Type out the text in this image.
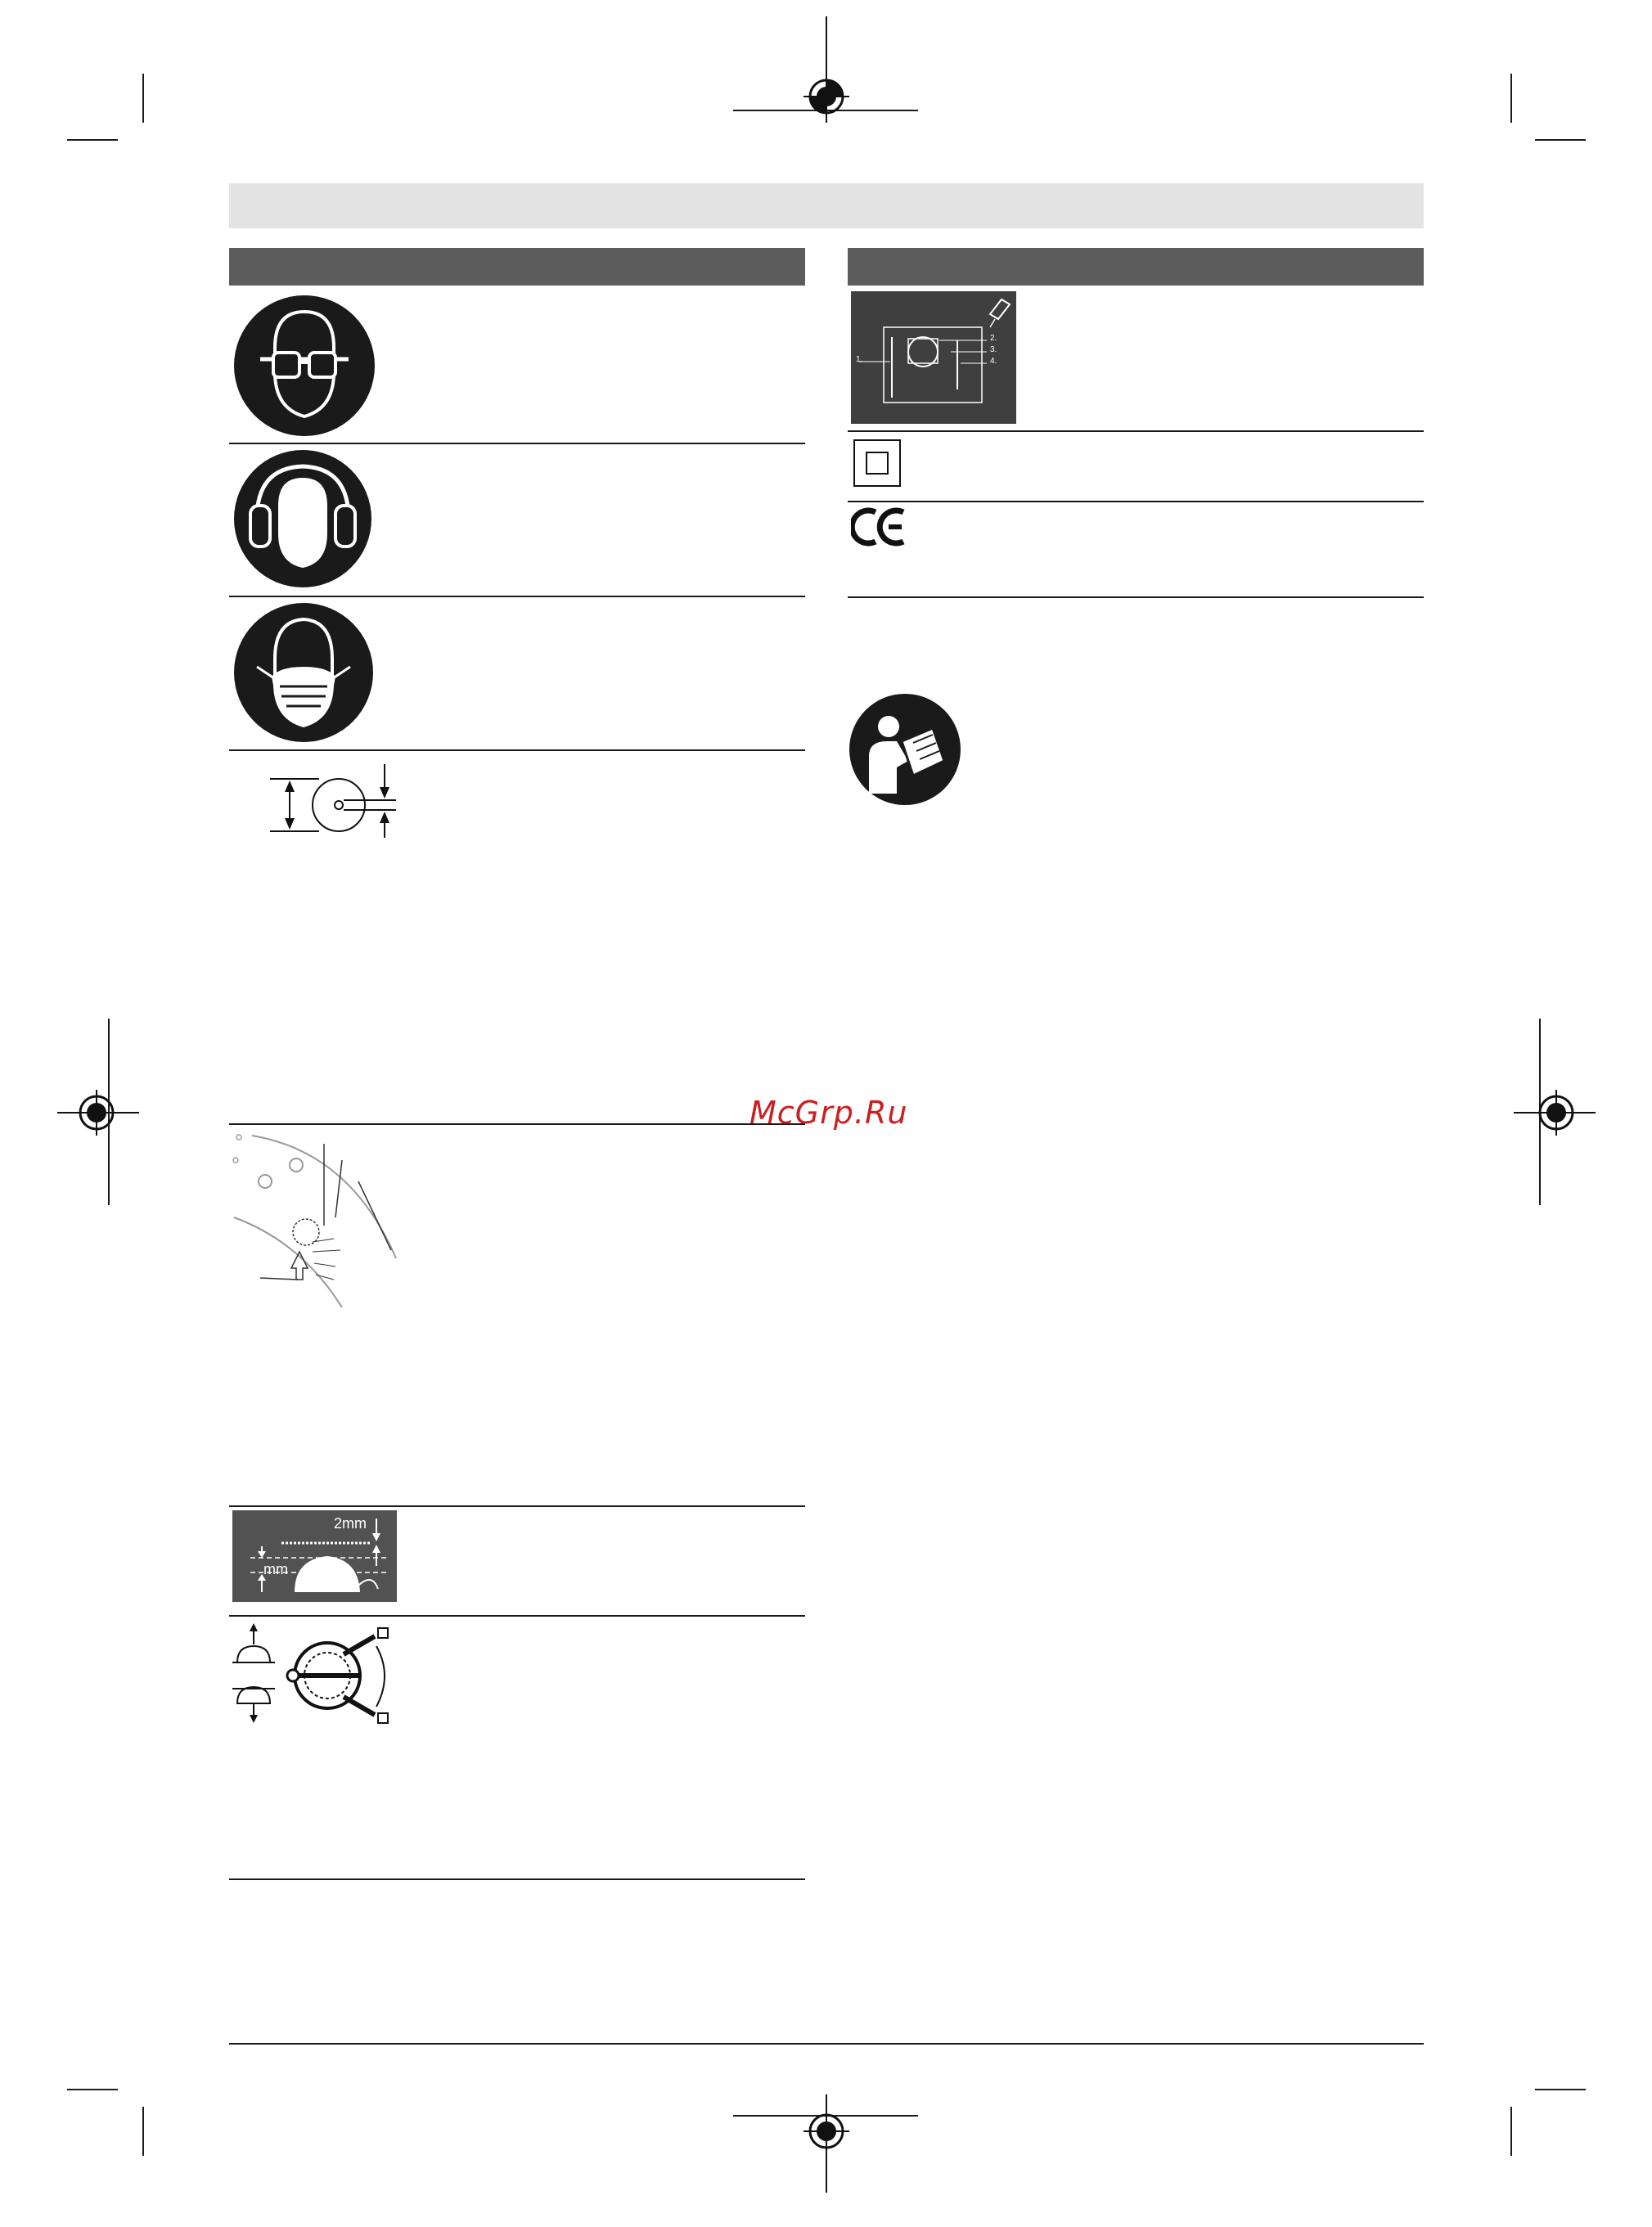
2mm
mm
1.
2.
3.
4.
McGrp.Ru
